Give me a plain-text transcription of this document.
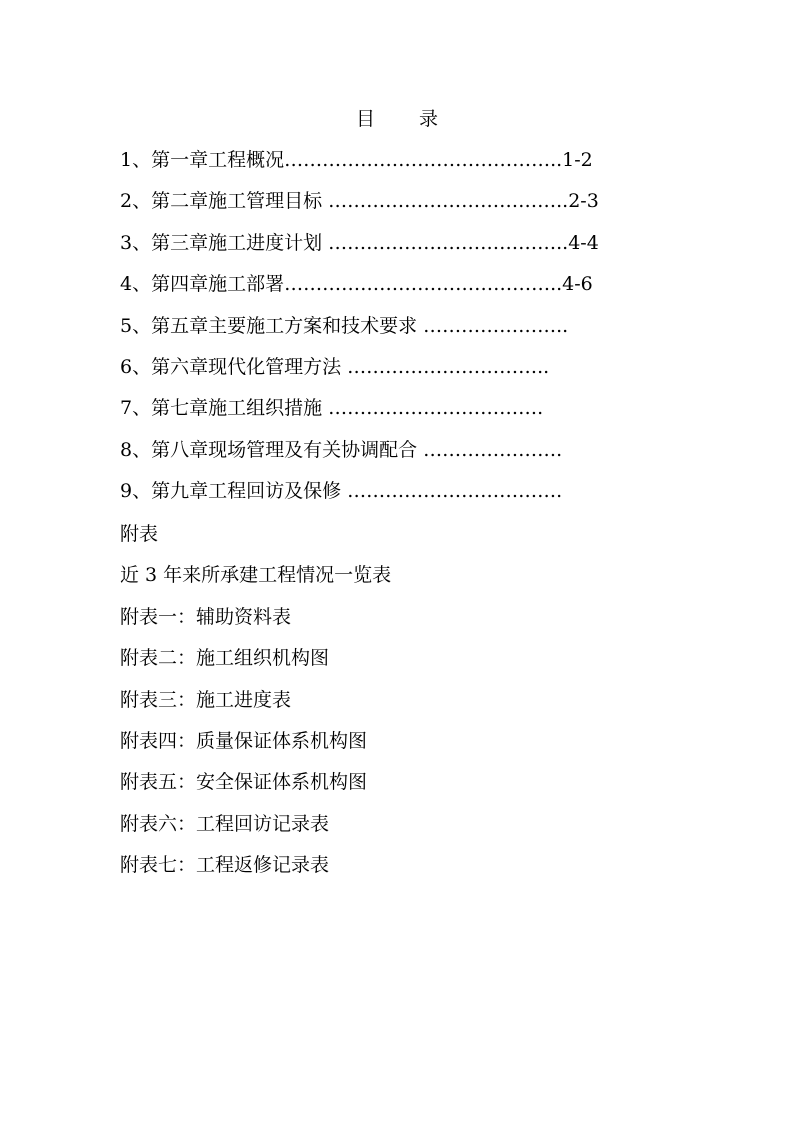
目 录
1、第一章工程概况……………………………………..1-2
2、第二章施工管理目标 ………………………………..2-3
3、第三章施工进度计划 ………………………………..4-4
4、第四章施工部署……………………………………..4-6
5、第五章主要施工方案和技术要求 …………………..
6、第六章现代化管理方法 …………………………..
7、第七章施工组织措施 …………………………….
8、第八章现场管理及有关协调配合 ………………….
9、第九章工程回访及保修 …………………………….
附表
近 3 年来所承建工程情况一览表
附表一：辅助资料表
附表二：施工组织机构图
附表三：施工进度表
附表四：质量保证体系机构图
附表五：安全保证体系机构图
附表六：工程回访记录表
附表七：工程返修记录表
